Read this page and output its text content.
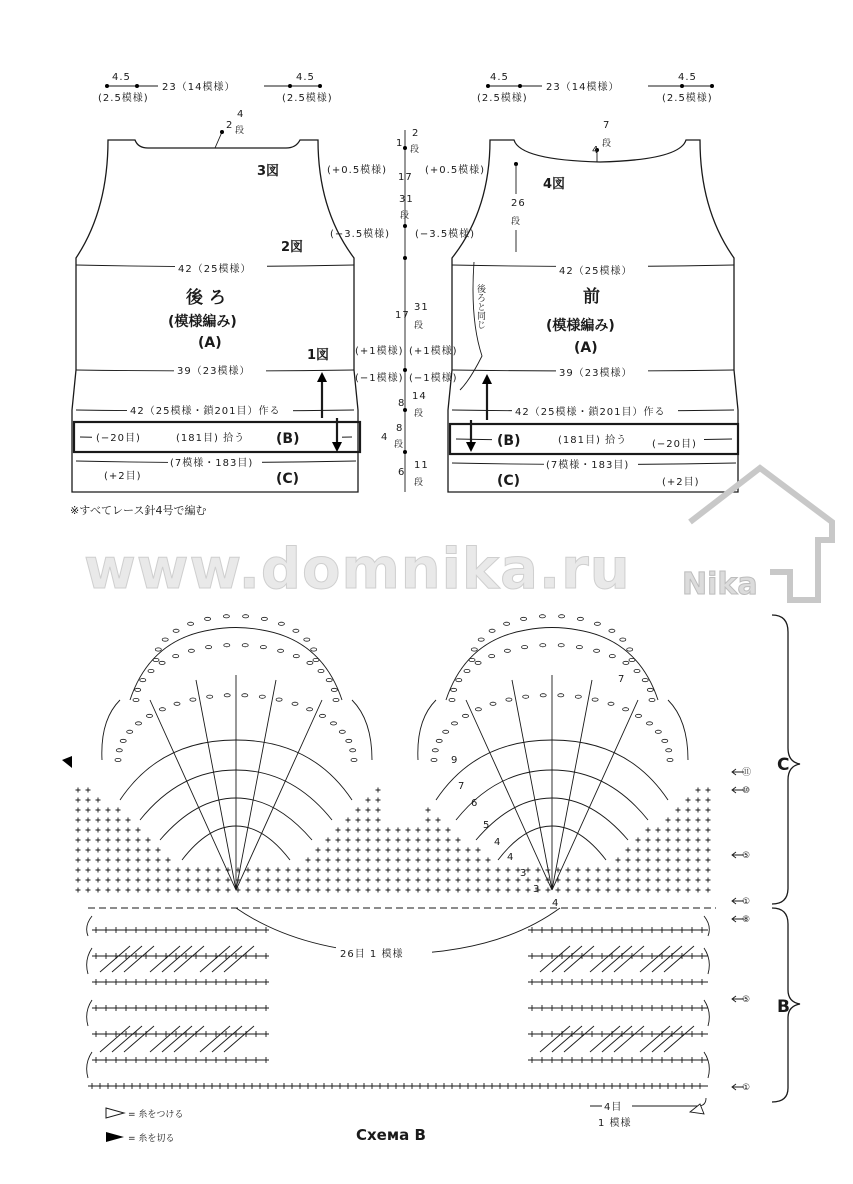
4.5
(2.5模様)
23（14模様）
4.5
(2.5模様)
2
4
段
3図
2図
42（25模様）
後 ろ
(模様編み)
(A)
1図
39（23模様）
42（25模様・鎖201目）作る
(−20目)	(181目) 拾う (B)
(7模様・183目)
(+2目)	(C)
1
2
段
(+0.5模様)	(+0.5模様)
17
31
段
(−3.5模様) (−3.5模様)
17
31
段
(+1模様) (+1模様)
(−1模様) (−1模様)
8
14
段
4
8
段
6
11
段
4.5
(2.5模様)
23（14模様）
4.5
(2.5模様)
7
段
4
26
段
4図
42（25模様）
後ろと同じ	前
(模様編み)
(A)
39（23模様）
42（25模様・鎖201目）作る
(B)	(181目) 拾う (−20目)
(C)
(7模様・183目)
(+2目)
www.domnika.ru Nika
26目 1 模様
9
7
6
5
4
4
3
3
4
7
⑪
⑩
⑤
①
⑧
⑤
①
C
B
4目
1 模様
= 糸をつける
= 糸を切る
※すべてレース針4号で編む
Схема B
